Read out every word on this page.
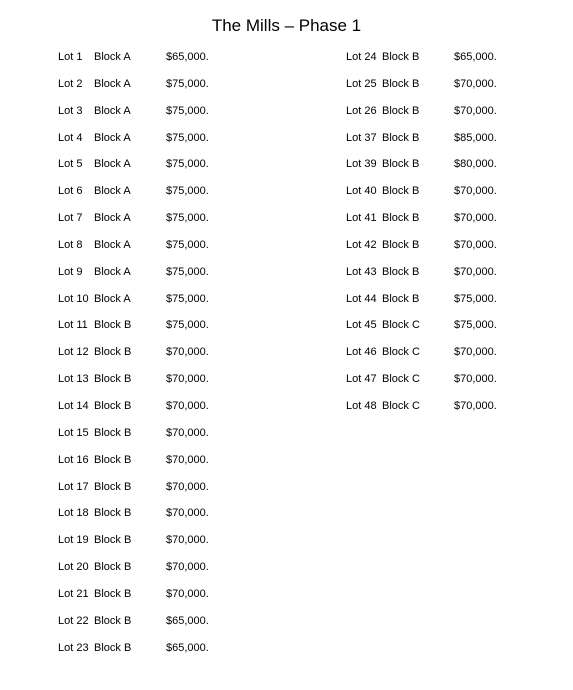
The Mills – Phase 1
Lot 1 Block A	$65,000.
Lot 2 Block A	$75,000.
Lot 3 Block A	$75,000.
Lot 4 Block A	$75,000.
Lot 5 Block A	$75,000.
Lot 6 Block A	$75,000.
Lot 7 Block A	$75,000.
Lot 8 Block A	$75,000.
Lot 9 Block A	$75,000.
Lot 10 Block A	$75,000.
Lot 11 Block B	$75,000.
Lot 12 Block B	$70,000.
Lot 13 Block B	$70,000.
Lot 14 Block B	$70,000.
Lot 15 Block B	$70,000.
Lot 16 Block B	$70,000.
Lot 17 Block B	$70,000.
Lot 18 Block B	$70,000.
Lot 19 Block B	$70,000.
Lot 20 Block B	$70,000.
Lot 21 Block B	$70,000.
Lot 22 Block B	$65,000.
Lot 23 Block B	$65,000.
Lot 24 Block B	$65,000.
Lot 25 Block B	$70,000.
Lot 26 Block B	$70,000.
Lot 37 Block B	$85,000.
Lot 39 Block B	$80,000.
Lot 40 Block B	$70,000.
Lot 41 Block B	$70,000.
Lot 42 Block B	$70,000.
Lot 43 Block B	$70,000.
Lot 44 Block B	$75,000.
Lot 45 Block C	$75,000.
Lot 46 Block C	$70,000.
Lot 47 Block C	$70,000.
Lot 48 Block C	$70,000.
